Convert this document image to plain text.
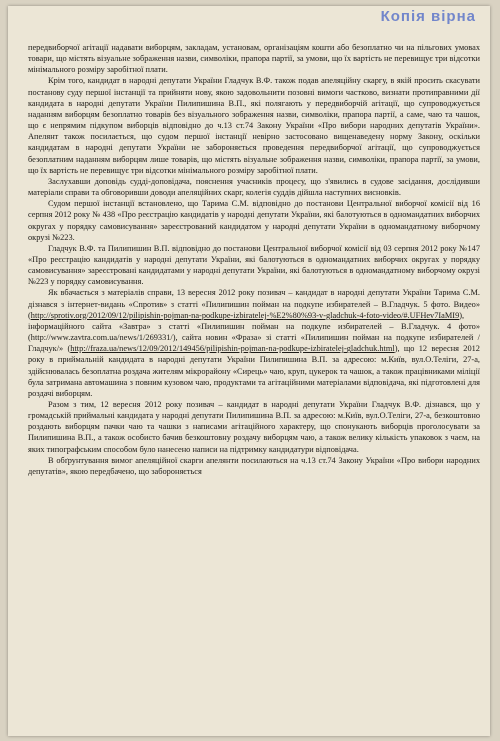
Копія вірна

передвиборчої агітації надавати виборцям, закладам, установам, організаціям кошти або безоплатно чи на пільгових умовах товари, що містять візуальне зображення назви, символіки, прапора партії, за умови, що їх вартість не перевищує три відсотки мінімального розміру заробітної плати.

Крім того, кандидат в народні депутати України Гладчук В.Ф. також подав апеляційну скаргу, в якій просить скасувати постанову суду першої інстанції та прийняти нову, якою задовольнити позовні вимоги частково, визнати протиправними дії кандидата в народні депутати України Пилипишина В.П., які полягають у передвиборчій агітації, що супроводжується наданням виборцям безоплатно товарів без візуального зображення назви, символіки, прапора партії, а саме, чаю та чашок, що є непрямим підкупом виборців відповідно до ч.13 ст.74 Закону України «Про вибори народних депутатів України». Апелянт також посилається, що судом першої інстанції невірно застосовано вищенаведену норму Закону, оскільки кандидатам в народні депутати України не забороняється проведення передвиборчої агітації, що супроводжується безоплатним наданням виборцям лише товарів, що містять візуальне зображення назви, символіки, прапора партії, за умови, що їх вартість не перевищує три відсотки мінімального розміру заробітної плати.

Заслухавши доповідь судді-доповідача, пояснення учасників процесу, що з'явились в судове засідання, дослідивши матеріали справи та обговоривши доводи апеляційних скарг, колегія суддів дійшла наступних висновків.

Судом першої інстанції встановлено, що Тарима С.М. відповідно до постанови Центральної виборчої комісії від 16 серпня 2012 року № 438 «Про реєстрацію кандидатів у народні депутати України, які балотуються в одномандатних виборчих округах у порядку самовисування» зареєстрований кандидатом у народні депутати України в одномандатному виборчому окрузі №223.

Гладчук В.Ф. та Пилипишин В.П. відповідно до постанови Центральної виборчої комісії від 03 серпня 2012 року №147 «Про реєстрацію кандидатів у народні депутати України, які балотуються в одномандатних виборчих округах у порядку самовисування» зареєстровані кандидатами у народні депутати України, які балотуються в одномандатному виборчому окрузі №223 у порядку самовисування.

Як вбачається з матеріалів справи, 13 вересня 2012 року позивач – кандидат в народні депутати України Тарима С.М. дізнався з інтернет-видань «Спротив» з статті «Пилипишин пойман на подкупе избирателей – В.Гладчук. 5 фото. Видео» (http://sprotiv.org/2012/09/12/pilipishin-pojman-na-podkupe-izbiratelej-%E2%80%93-v-gladchuk-4-foto-video/#.UFHev7IaMI9), інформаційного сайта «Завтра» з статті «Пилипишин пойман на подкупе избирателей – В.Гладчук. 4 фото» (http://www.zavtra.com.ua/news/1/269331/), сайта новин «Фраза» зі статті «Пилипишин пойман на подкупе избирателей /Гладчук/» (http://fraza.ua/news/12/09/2012/149456/pilipishin-pojman-na-podkupe-izbiratelej-gladchuk.html), що 12 вересня 2012 року в приймальній кандидата в народні депутати України Пилипишина В.П. за адресою: м.Київ, вул.О.Теліги, 27-а, здійснювалась безоплатна роздача жителям мікрорайону «Сирець» чаю, круп, цукерок та чашок, а також працівниками міліції була затримана автомашина з повним кузовом чаю, продуктами та агітаційними матеріалами відповідача, які підготовлені для роздачі виборцям.

Разом з тим, 12 вересня 2012 року позивач – кандидат в народні депутати України Гладчук В.Ф. дізнався, що у громадській приймальні кандидата у народні депутати Пилипишина В.П. за адресою: м.Київ, вул.О.Теліги, 27-а, безкоштовно роздають виборцям пачки чаю та чашки з написами агітаційного характеру, що спонукають виборців проголосувати за Пилипишина В.П., а також особисто бачив безкоштовну роздачу виборцям чаю, а також велику кількість упаковок з чаєм, на яких типографським способом було нанесено написи на підтримку кандидатури відповідача.

В обґрунтування вимог апеляційної скарги апелянти посилаються на ч.13 ст.74 Закону України «Про вибори народних депутатів», якою передбачено, що забороняється
